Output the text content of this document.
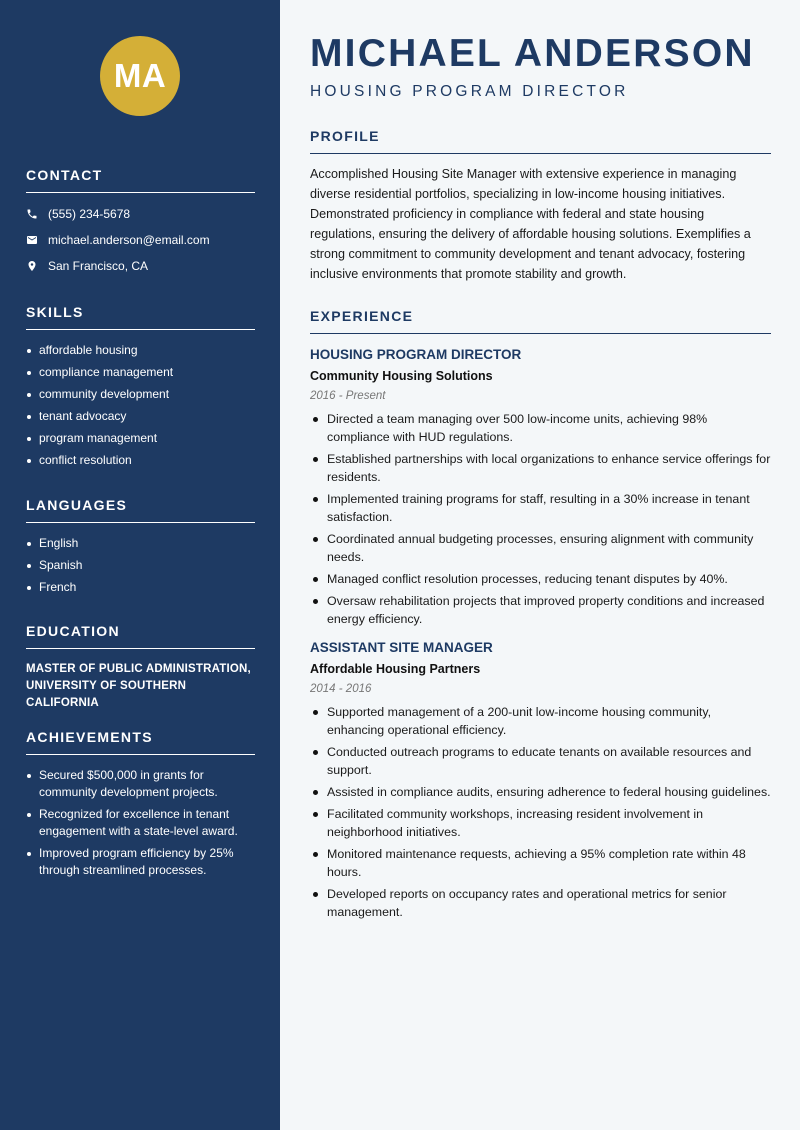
MA
CONTACT
(555) 234-5678
michael.anderson@email.com
San Francisco, CA
SKILLS
affordable housing
compliance management
community development
tenant advocacy
program management
conflict resolution
LANGUAGES
English
Spanish
French
EDUCATION
MASTER OF PUBLIC ADMINISTRATION, UNIVERSITY OF SOUTHERN CALIFORNIA
ACHIEVEMENTS
Secured $500,000 in grants for community development projects.
Recognized for excellence in tenant engagement with a state-level award.
Improved program efficiency by 25% through streamlined processes.
MICHAEL ANDERSON
HOUSING PROGRAM DIRECTOR
PROFILE
Accomplished Housing Site Manager with extensive experience in managing diverse residential portfolios, specializing in low-income housing initiatives. Demonstrated proficiency in compliance with federal and state housing regulations, ensuring the delivery of affordable housing solutions. Exemplifies a strong commitment to community development and tenant advocacy, fostering inclusive environments that promote stability and growth.
EXPERIENCE
HOUSING PROGRAM DIRECTOR
Community Housing Solutions
2016 - Present
Directed a team managing over 500 low-income units, achieving 98% compliance with HUD regulations.
Established partnerships with local organizations to enhance service offerings for residents.
Implemented training programs for staff, resulting in a 30% increase in tenant satisfaction.
Coordinated annual budgeting processes, ensuring alignment with community needs.
Managed conflict resolution processes, reducing tenant disputes by 40%.
Oversaw rehabilitation projects that improved property conditions and increased energy efficiency.
ASSISTANT SITE MANAGER
Affordable Housing Partners
2014 - 2016
Supported management of a 200-unit low-income housing community, enhancing operational efficiency.
Conducted outreach programs to educate tenants on available resources and support.
Assisted in compliance audits, ensuring adherence to federal housing guidelines.
Facilitated community workshops, increasing resident involvement in neighborhood initiatives.
Monitored maintenance requests, achieving a 95% completion rate within 48 hours.
Developed reports on occupancy rates and operational metrics for senior management.
